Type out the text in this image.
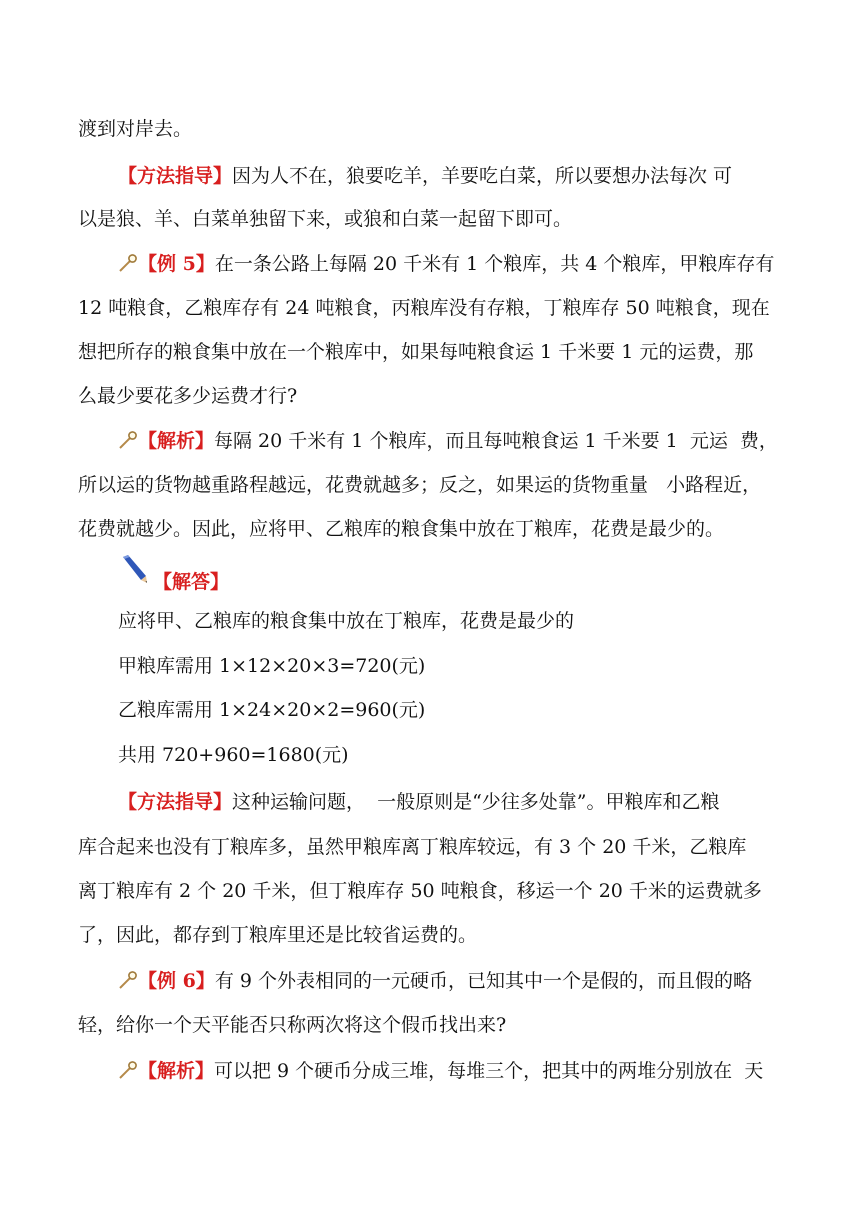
渡到对岸去。

【方法指导】因为人不在，狼要吃羊，羊要吃白菜，所以要想办法每次 可

以是狼、羊、白菜单独留下来，或狼和白菜一起留下即可。

【例 5】在一条公路上每隔 20 千米有 1 个粮库，共 4 个粮库，甲粮库存有

12 吨粮食，乙粮库存有 24 吨粮食，丙粮库没有存粮，丁粮库存 50 吨粮食，现在

想把所存的粮食集中放在一个粮库中，如果每吨粮食运 1 千米要 1 元的运费，那

么最少要花多少运费才行?

【解析】每隔 20 千米有 1 个粮库，而且每吨粮食运 1 千米要 1  元运  费，

所以运的货物越重路程越远，花费就越多；反之，如果运的货物重量   小路程近，

花费就越少。因此，应将甲、乙粮库的粮食集中放在丁粮库，花费是最少的。

【解答】

应将甲、乙粮库的粮食集中放在丁粮库，花费是最少的

甲粮库需用 1×12×20×3=720(元)

乙粮库需用 1×24×20×2=960(元)

共用 720+960=1680(元)

【方法指导】这种运输问题，  一般原则是“少往多处靠”。甲粮库和乙粮

库合起来也没有丁粮库多，虽然甲粮库离丁粮库较远，有 3 个 20 千米，乙粮库

离丁粮库有 2 个 20 千米，但丁粮库存 50 吨粮食，移运一个 20 千米的运费就多

了，因此，都存到丁粮库里还是比较省运费的。

【例 6】有 9 个外表相同的一元硬币，已知其中一个是假的，而且假的略

轻，给你一个天平能否只称两次将这个假币找出来?

【解析】可以把 9 个硬币分成三堆，每堆三个，把其中的两堆分别放在  天
